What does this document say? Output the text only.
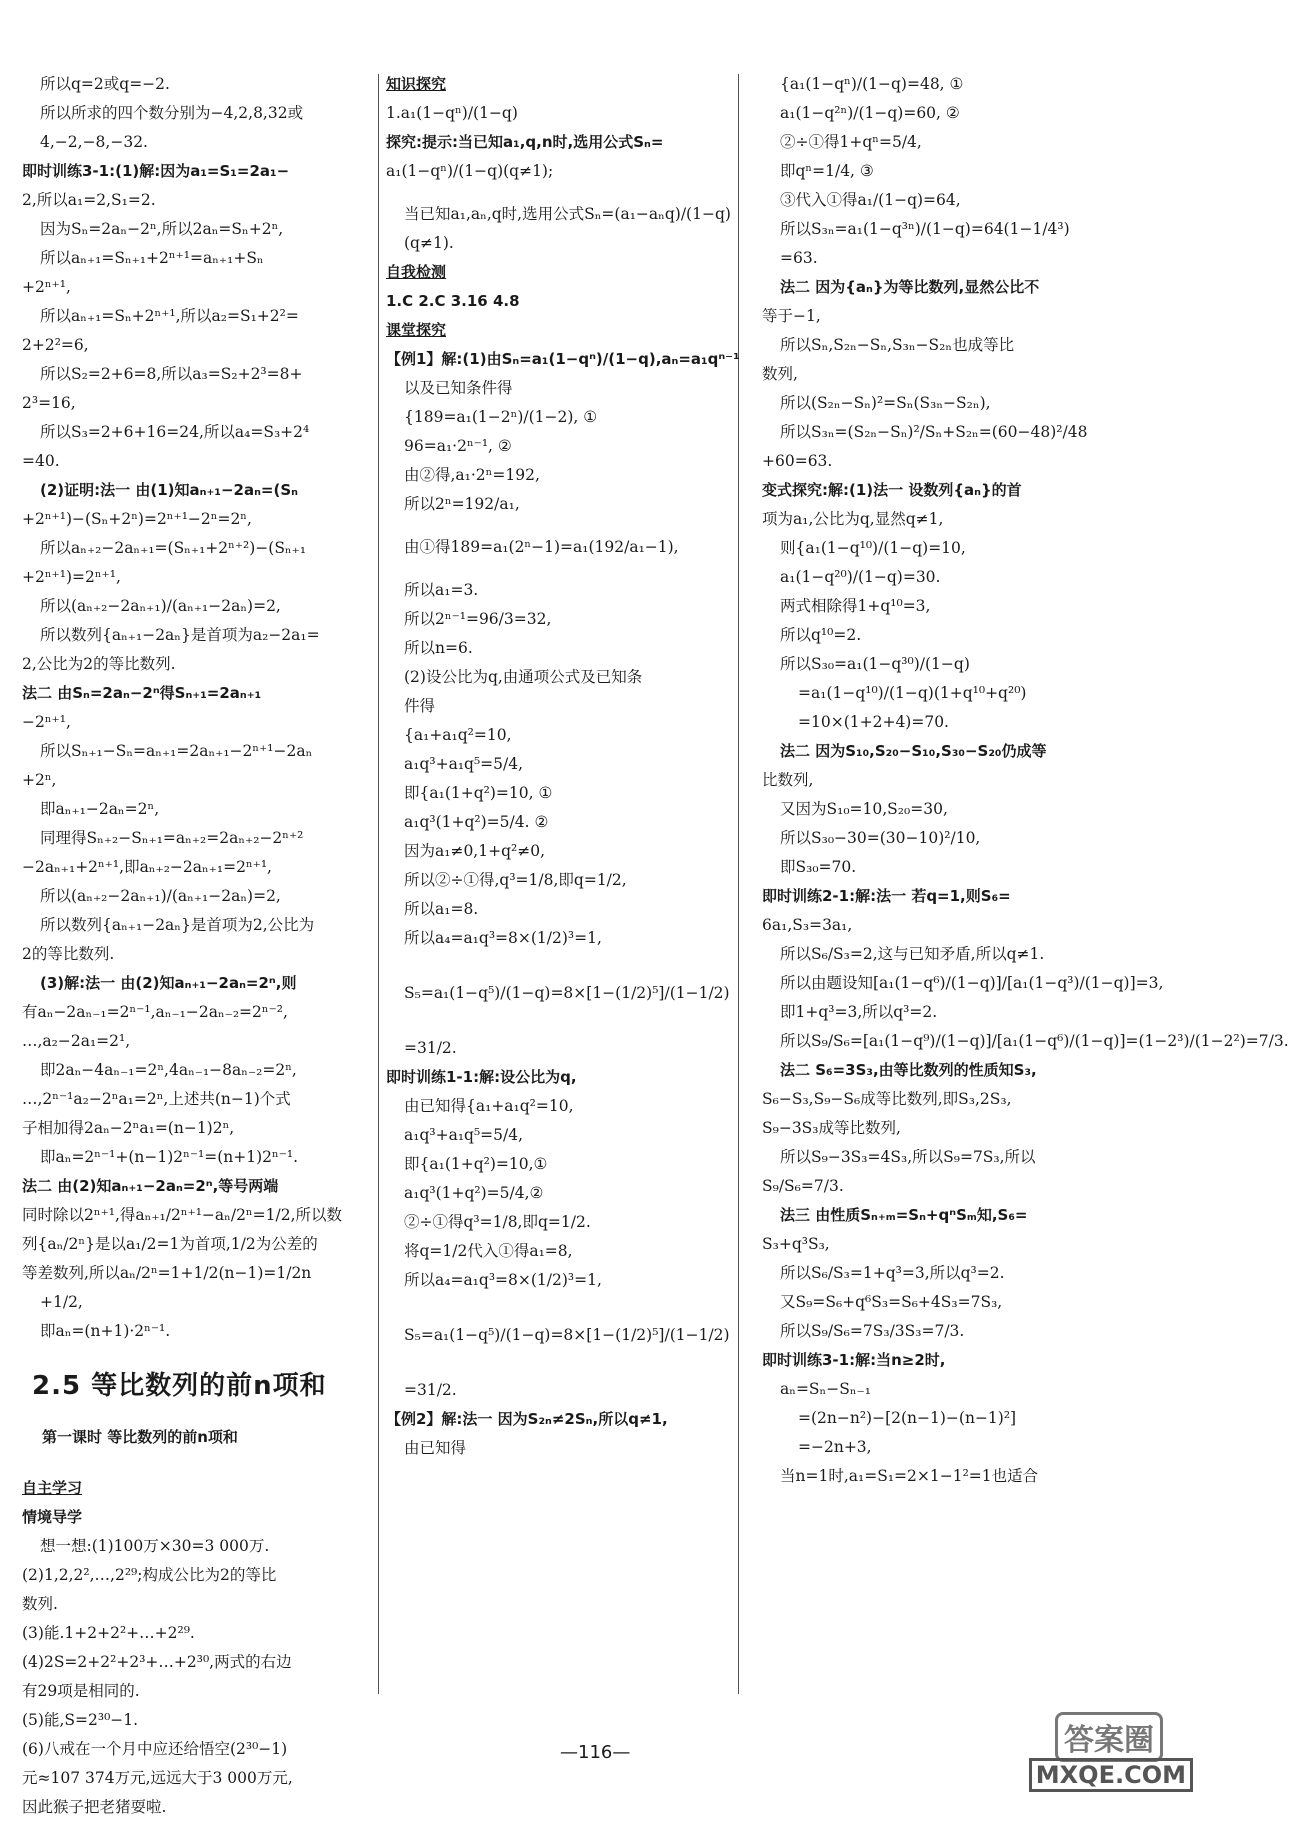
所以q=2或q=−2.
所以所求的四个数分别为−4,2,8,32或
4,−2,−8,−32.
即时训练3-1:(1)解:因为a₁=S₁=2a₁−
2,所以a₁=2,S₁=2.
因为Sₙ=2aₙ−2ⁿ,所以2aₙ=Sₙ+2ⁿ,
所以aₙ₊₁=Sₙ₊₁+2ⁿ⁺¹=aₙ₊₁+Sₙ
+2ⁿ⁺¹,
所以aₙ₊₁=Sₙ+2ⁿ⁺¹,所以a₂=S₁+2²=
2+2²=6,
所以S₂=2+6=8,所以a₃=S₂+2³=8+
2³=16,
所以S₃=2+6+16=24,所以a₄=S₃+2⁴
=40.
(2)证明:法一 由(1)知aₙ₊₁−2aₙ=(Sₙ
+2ⁿ⁺¹)−(Sₙ+2ⁿ)=2ⁿ⁺¹−2ⁿ=2ⁿ,
所以aₙ₊₂−2aₙ₊₁=(Sₙ₊₁+2ⁿ⁺²)−(Sₙ₊₁
+2ⁿ⁺¹)=2ⁿ⁺¹,
所以(aₙ₊₂−2aₙ₊₁)/(aₙ₊₁−2aₙ)=2,
所以数列{aₙ₊₁−2aₙ}是首项为a₂−2a₁=
2,公比为2的等比数列.
法二 由Sₙ=2aₙ−2ⁿ得Sₙ₊₁=2aₙ₊₁
−2ⁿ⁺¹,
所以Sₙ₊₁−Sₙ=aₙ₊₁=2aₙ₊₁−2ⁿ⁺¹−2aₙ
+2ⁿ,
即aₙ₊₁−2aₙ=2ⁿ,
同理得Sₙ₊₂−Sₙ₊₁=aₙ₊₂=2aₙ₊₂−2ⁿ⁺²
−2aₙ₊₁+2ⁿ⁺¹,即aₙ₊₂−2aₙ₊₁=2ⁿ⁺¹,
所以(aₙ₊₂−2aₙ₊₁)/(aₙ₊₁−2aₙ)=2,
所以数列{aₙ₊₁−2aₙ}是首项为2,公比为
2的等比数列.
(3)解:法一 由(2)知aₙ₊₁−2aₙ=2ⁿ,则
有aₙ−2aₙ₋₁=2ⁿ⁻¹,aₙ₋₁−2aₙ₋₂=2ⁿ⁻²,
…,a₂−2a₁=2¹,
即2aₙ−4aₙ₋₁=2ⁿ,4aₙ₋₁−8aₙ₋₂=2ⁿ,
…,2ⁿ⁻¹a₂−2ⁿa₁=2ⁿ,上述共(n−1)个式
子相加得2aₙ−2ⁿa₁=(n−1)2ⁿ,
即aₙ=2ⁿ⁻¹+(n−1)2ⁿ⁻¹=(n+1)2ⁿ⁻¹.
法二 由(2)知aₙ₊₁−2aₙ=2ⁿ,等号两端
同时除以2ⁿ⁺¹,得aₙ₊₁/2ⁿ⁺¹−aₙ/2ⁿ=1/2,所以数
列{aₙ/2ⁿ}是以a₁/2=1为首项,1/2为公差的
等差数列,所以aₙ/2ⁿ=1+1/2(n−1)=1/2n
+1/2,
即aₙ=(n+1)·2ⁿ⁻¹.
2.5 等比数列的前n项和
第一课时 等比数列的前n项和
自主学习
情境导学
想一想:(1)100万×30=3 000万.
(2)1,2,2²,…,2²⁹;构成公比为2的等比
数列.
(3)能.1+2+2²+…+2²⁹.
(4)2S=2+2²+2³+…+2³⁰,两式的右边
有29项是相同的.
(5)能,S=2³⁰−1.
(6)八戒在一个月中应还给悟空(2³⁰−1)
元≈107 374万元,远远大于3 000万元,
因此猴子把老猪耍啦.
知识探究
1.a₁(1−qⁿ)/(1−q)
探究:提示:当已知a₁,q,n时,选用公式Sₙ=
a₁(1−qⁿ)/(1−q)(q≠1);
当已知a₁,aₙ,q时,选用公式Sₙ=(a₁−aₙq)/(1−q)
(q≠1).
自我检测
1.C 2.C 3.16 4.8
课堂探究
【例1】解:(1)由Sₙ=a₁(1−qⁿ)/(1−q),aₙ=a₁qⁿ⁻¹
以及已知条件得
{189=a₁(1−2ⁿ)/(1−2), ①
96=a₁·2ⁿ⁻¹, ②
由②得,a₁·2ⁿ=192,
所以2ⁿ=192/a₁,
由①得189=a₁(2ⁿ−1)=a₁(192/a₁−1),
所以a₁=3.
所以2ⁿ⁻¹=96/3=32,
所以n=6.
(2)设公比为q,由通项公式及已知条
件得
{a₁+a₁q²=10,
a₁q³+a₁q⁵=5/4,
即{a₁(1+q²)=10, ①
a₁q³(1+q²)=5/4. ②
因为a₁≠0,1+q²≠0,
所以②÷①得,q³=1/8,即q=1/2,
所以a₁=8.
所以a₄=a₁q³=8×(1/2)³=1,
S₅=a₁(1−q⁵)/(1−q)=8×[1−(1/2)⁵]/(1−1/2)
=31/2.
即时训练1-1:解:设公比为q,
由已知得{a₁+a₁q²=10,
a₁q³+a₁q⁵=5/4,
即{a₁(1+q²)=10,①
a₁q³(1+q²)=5/4,②
②÷①得q³=1/8,即q=1/2.
将q=1/2代入①得a₁=8,
所以a₄=a₁q³=8×(1/2)³=1,
S₅=a₁(1−q⁵)/(1−q)=8×[1−(1/2)⁵]/(1−1/2)
=31/2.
【例2】解:法一 因为S₂ₙ≠2Sₙ,所以q≠1,
由已知得
{a₁(1−qⁿ)/(1−q)=48, ①
a₁(1−q²ⁿ)/(1−q)=60, ②
②÷①得1+qⁿ=5/4,
即qⁿ=1/4, ③
③代入①得a₁/(1−q)=64,
所以S₃ₙ=a₁(1−q³ⁿ)/(1−q)=64(1−1/4³)
=63.
法二 因为{aₙ}为等比数列,显然公比不
等于−1,
所以Sₙ,S₂ₙ−Sₙ,S₃ₙ−S₂ₙ也成等比
数列,
所以(S₂ₙ−Sₙ)²=Sₙ(S₃ₙ−S₂ₙ),
所以S₃ₙ=(S₂ₙ−Sₙ)²/Sₙ+S₂ₙ=(60−48)²/48
+60=63.
变式探究:解:(1)法一 设数列{aₙ}的首
项为a₁,公比为q,显然q≠1,
则{a₁(1−q¹⁰)/(1−q)=10,
a₁(1−q²⁰)/(1−q)=30.
两式相除得1+q¹⁰=3,
所以q¹⁰=2.
所以S₃₀=a₁(1−q³⁰)/(1−q)
=a₁(1−q¹⁰)/(1−q)(1+q¹⁰+q²⁰)
=10×(1+2+4)=70.
法二 因为S₁₀,S₂₀−S₁₀,S₃₀−S₂₀仍成等
比数列,
又因为S₁₀=10,S₂₀=30,
所以S₃₀−30=(30−10)²/10,
即S₃₀=70.
即时训练2-1:解:法一 若q=1,则S₆=
6a₁,S₃=3a₁,
所以S₆/S₃=2,这与已知矛盾,所以q≠1.
所以由题设知[a₁(1−q⁶)/(1−q)]/[a₁(1−q³)/(1−q)]=3,
即1+q³=3,所以q³=2.
所以S₉/S₆=[a₁(1−q⁹)/(1−q)]/[a₁(1−q⁶)/(1−q)]=(1−2³)/(1−2²)=7/3.
法二 S₆=3S₃,由等比数列的性质知S₃,
S₆−S₃,S₉−S₆成等比数列,即S₃,2S₃,
S₉−3S₃成等比数列,
所以S₉−3S₃=4S₃,所以S₉=7S₃,所以
S₉/S₆=7/3.
法三 由性质Sₙ₊ₘ=Sₙ+qⁿSₘ知,S₆=
S₃+q³S₃,
所以S₆/S₃=1+q³=3,所以q³=2.
又S₉=S₆+q⁶S₃=S₆+4S₃=7S₃,
所以S₉/S₆=7S₃/3S₃=7/3.
即时训练3-1:解:当n≥2时,
aₙ=Sₙ−Sₙ₋₁
=(2n−n²)−[2(n−1)−(n−1)²]
=−2n+3,
当n=1时,a₁=S₁=2×1−1²=1也适合
—116—	答案圈
MXQE.COM
